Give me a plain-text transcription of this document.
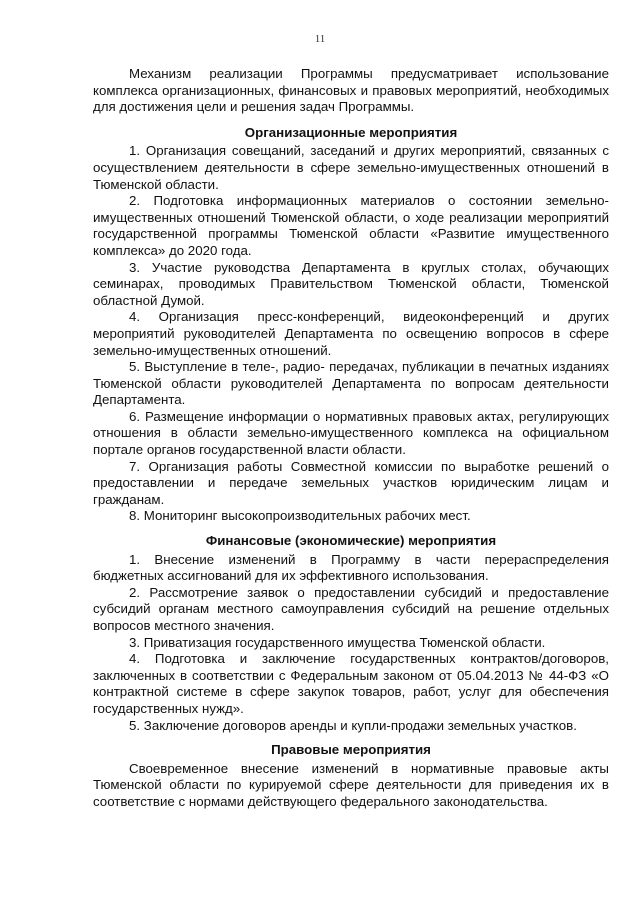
11

Механизм реализации Программы предусматривает использование комплекса организационных, финансовых и правовых мероприятий, необходимых для достижения цели и решения задач Программы.

Организационные мероприятия

1. Организация совещаний, заседаний и других мероприятий, связанных с осуществлением деятельности в сфере земельно-имущественных отношений в Тюменской области.

2. Подготовка информационных материалов о состоянии земельно-имущественных отношений Тюменской области, о ходе реализации мероприятий государственной программы Тюменской области «Развитие имущественного комплекса» до 2020 года.

3. Участие руководства Департамента в круглых столах, обучающих семинарах, проводимых Правительством Тюменской области, Тюменской областной Думой.

4. Организация пресс-конференций, видеоконференций и других мероприятий руководителей Департамента по освещению вопросов в сфере земельно-имущественных отношений.

5. Выступление в теле-, радио- передачах, публикации в печатных изданиях Тюменской области руководителей Департамента по вопросам деятельности Департамента.

6. Размещение информации о нормативных правовых актах, регулирующих отношения в области земельно-имущественного комплекса на официальном портале органов государственной власти области.

7. Организация работы Совместной комиссии по выработке решений о предоставлении и передаче земельных участков юридическим лицам и гражданам.

8. Мониторинг высокопроизводительных рабочих мест.

Финансовые (экономические) мероприятия

1. Внесение изменений в Программу в части перераспределения бюджетных ассигнований для их эффективного использования.

2. Рассмотрение заявок о предоставлении субсидий и предоставление субсидий органам местного самоуправления субсидий на решение отдельных вопросов местного значения.

3. Приватизация государственного имущества Тюменской области.

4. Подготовка и заключение государственных контрактов/договоров, заключенных в соответствии с Федеральным законом от 05.04.2013 № 44-ФЗ «О контрактной системе в сфере закупок товаров, работ, услуг для обеспечения государственных нужд».

5. Заключение договоров аренды и купли-продажи земельных участков.

Правовые мероприятия

Своевременное внесение изменений в нормативные правовые акты Тюменской области по курируемой сфере деятельности для приведения их в соответствие с нормами действующего федерального законодательства.
